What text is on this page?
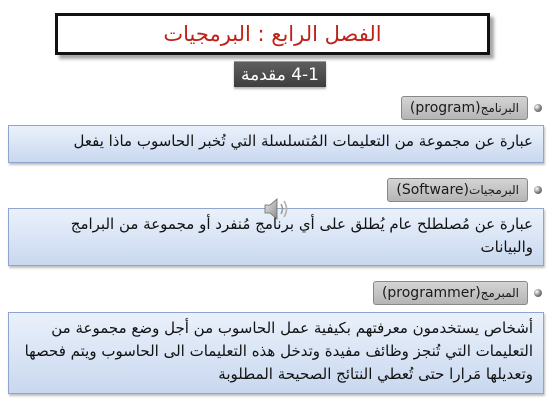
الفصل الرابع : البرمجيات
4-1 مقدمة
البرنامج
(program)
عبارة عن مجموعة من التعليمات المُتسلسلة التي تُخبر الحاسوب ماذا يفعل
البرمجيات
(Software)
عبارة عن مُصلطلح عام يُطلق على أي برنامج مُنفرد أو مجموعة من البرامج والبيانات
المبرمج
(programmer)
أشخاص يستخدمون معرفتهم بكيفية عمل الحاسوب من أجل وضع مجموعة من التعليمات التي تُنجز وظائف مفيدة وتدخل هذه التعليمات الى الحاسوب ويتم فحصها وتعديلها مَرارا حتى تُعطي النتائج الصحيحة المطلوبة
